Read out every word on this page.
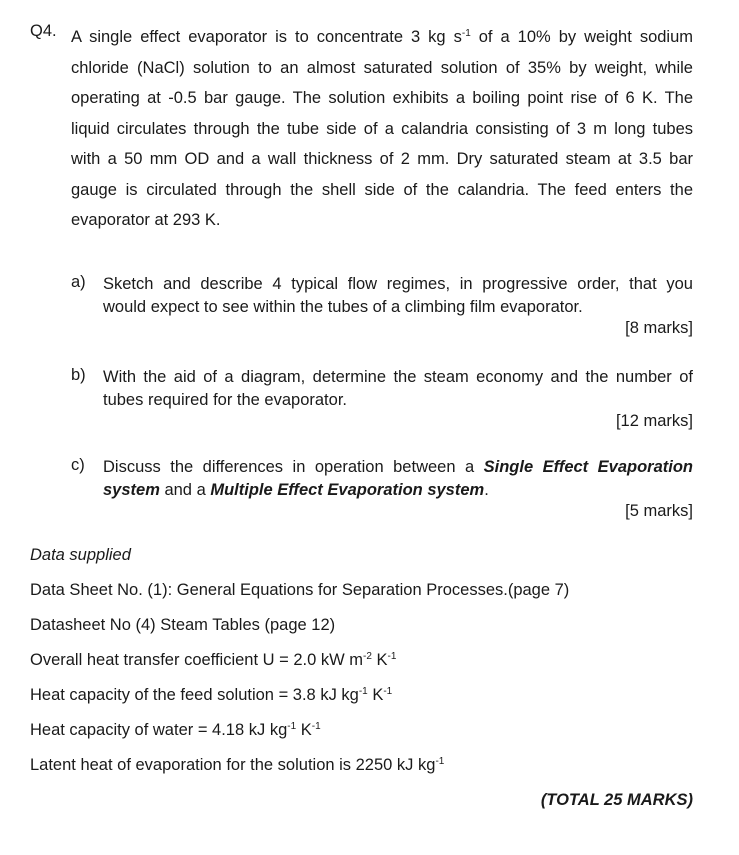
Q4. A single effect evaporator is to concentrate 3 kg $s^{-1}$ of a 10% by weight sodium
chloride (NaCl) solution to an almost saturated solution of 35% by weight, while
operating at -0.5 bar gauge. The solution exhibits a boiling point rise of 6 K. The
liquid circulates through the tube side of a calandria consisting of 3 m long tubes
with a 50 mm OD and a wall thickness of 2 mm. Dry saturated steam at 3.5 bar
gauge is circulated through the shell side of the calandria. The feed enters the
evaporator at 293 K.
a) Sketch and describe 4 typical flow regimes, in progressive order, that you
would expect to see within the tubes of a climbing film evaporator.
[8 marks]
b) With the aid of a diagram, determine the steam economy and the number of
tubes required for the evaporator.
[12 marks]
c) Discuss the differences in operation between a Single Effect Evaporation
system and a Multiple Effect Evaporation system.
[5 marks]
Data supplied
Data Sheet No. (1): General Equations for Separation Processes.(page 7)
Datasheet No (4) Steam Tables (page 12)
Overall heat transfer coefficient U = 2.0 kW $m^{-2}$ $K^{-1}$
Heat capacity of the feed solution = 3.8 kJ $kg^{-1}$ $K^{-1}$
Heat capacity of water = 4.18 kJ $kg^{-1}$ $K^{-1}$
Latent heat of evaporation for the solution is 2250 kJ $kg^{-1}$
(TOTAL 25 MARKS)
